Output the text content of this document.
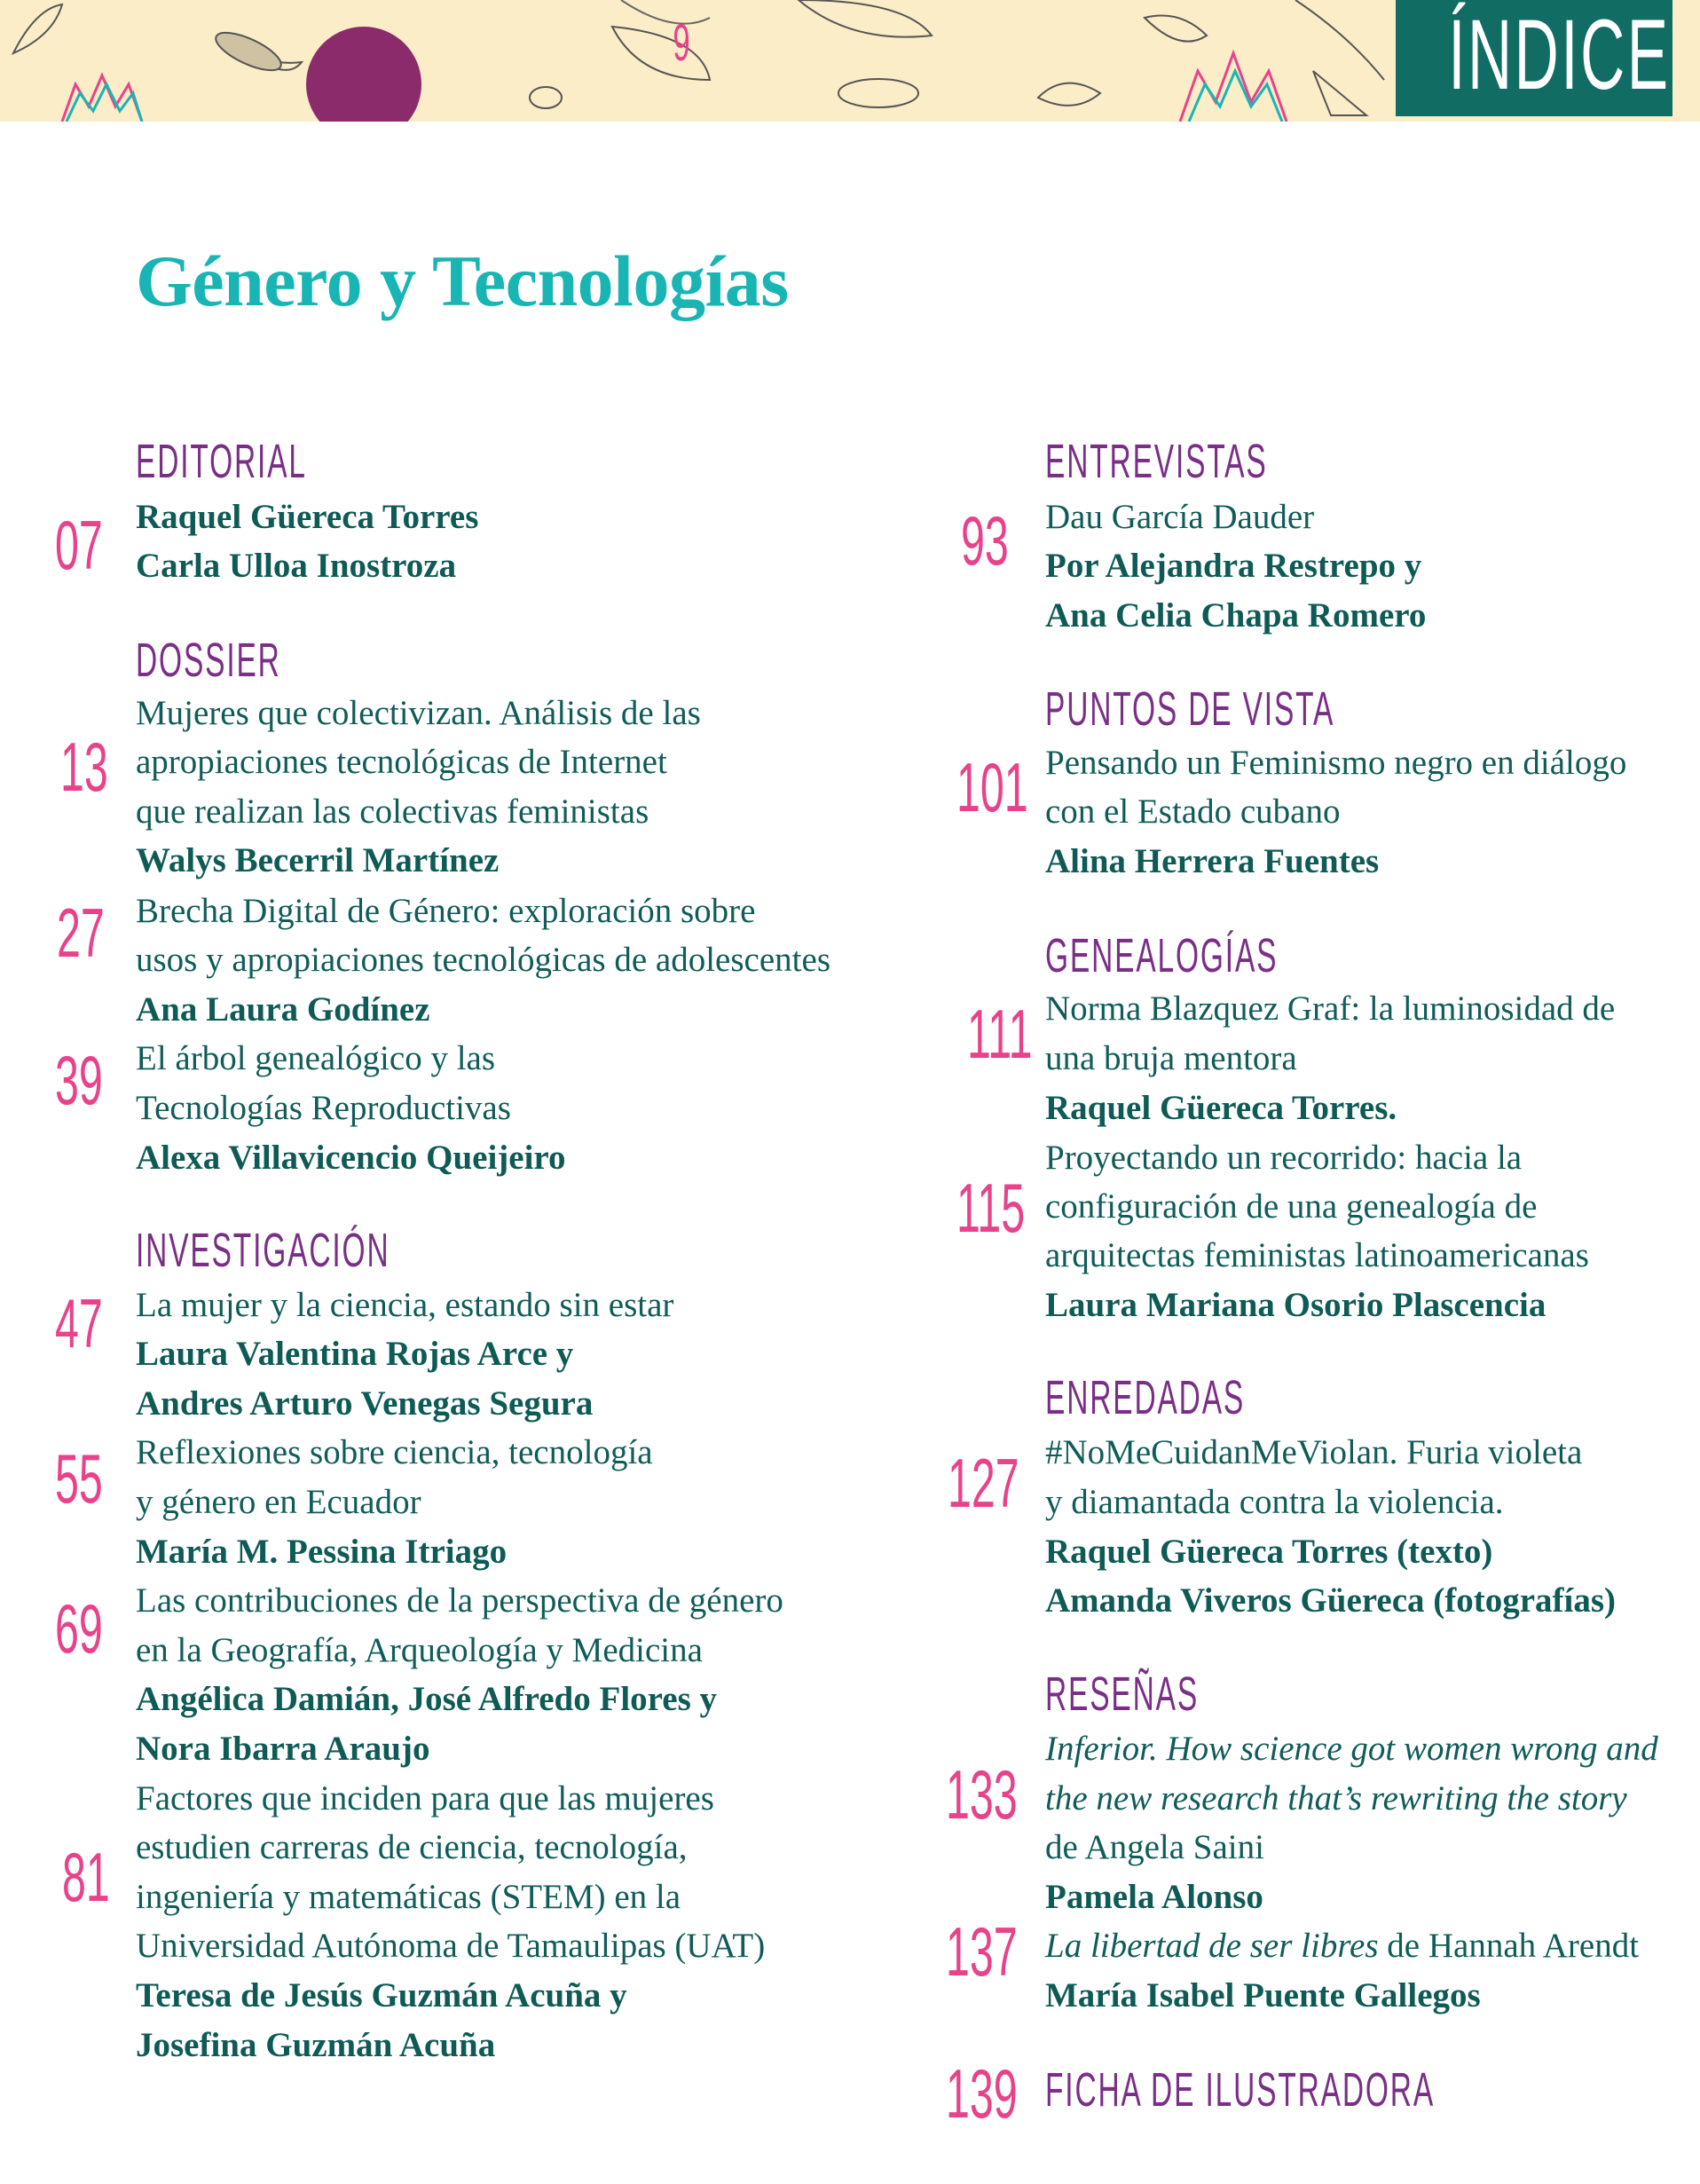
9	ÍNDICE
Género y Tecnologías
EDITORIAL
07 Raquel Güereca Torres
Carla Ulloa Inostroza
DOSSIER
13
Mujeres que colectivizan. Análisis de las
apropiaciones tecnológicas de Internet
que realizan las colectivas feministas
Walys Becerril Martínez
27 Brecha Digital de Género: exploración sobre
usos y apropiaciones tecnológicas de adolescentes
Ana Laura Godínez
39 El árbol genealógico y las
Tecnologías Reproductivas
Alexa Villavicencio Queijeiro
INVESTIGACIÓN
47 La mujer y la ciencia, estando sin estar
Laura Valentina Rojas Arce y
Andres Arturo Venegas Segura
55 Reflexiones sobre ciencia, tecnología
y género en Ecuador
María M. Pessina Itriago
69 Las contribuciones de la perspectiva de género
en la Geografía, Arqueología y Medicina
Angélica Damián, José Alfredo Flores y
Nora Ibarra Araujo
81
Factores que inciden para que las mujeres
estudien carreras de ciencia, tecnología,
ingeniería y matemáticas (STEM) en la
Universidad Autónoma de Tamaulipas (UAT)
Teresa de Jesús Guzmán Acuña y
Josefina Guzmán Acuña
ENTREVISTAS
93 Dau García Dauder
Por Alejandra Restrepo y
Ana Celia Chapa Romero
PUNTOS DE VISTA
101 Pensando un Feminismo negro en diálogo
con el Estado cubano
Alina Herrera Fuentes
GENEALOGÍAS
111 Norma Blazquez Graf: la luminosidad de
una bruja mentora
Raquel Güereca Torres.
115
Proyectando un recorrido: hacia la
configuración de una genealogía de
arquitectas feministas latinoamericanas
Laura Mariana Osorio Plascencia
ENREDADAS
127 #NoMeCuidanMeViolan. Furia violeta
y diamantada contra la violencia.
Raquel Güereca Torres (texto)
Amanda Viveros Güereca (fotografías)
RESEÑAS
133
Inferior. How science got women wrong and
the new research that’s rewriting the story
de Angela Saini
Pamela Alonso
137 La libertad de ser libres de Hannah Arendt
María Isabel Puente Gallegos
139 FICHA DE ILUSTRADORA
